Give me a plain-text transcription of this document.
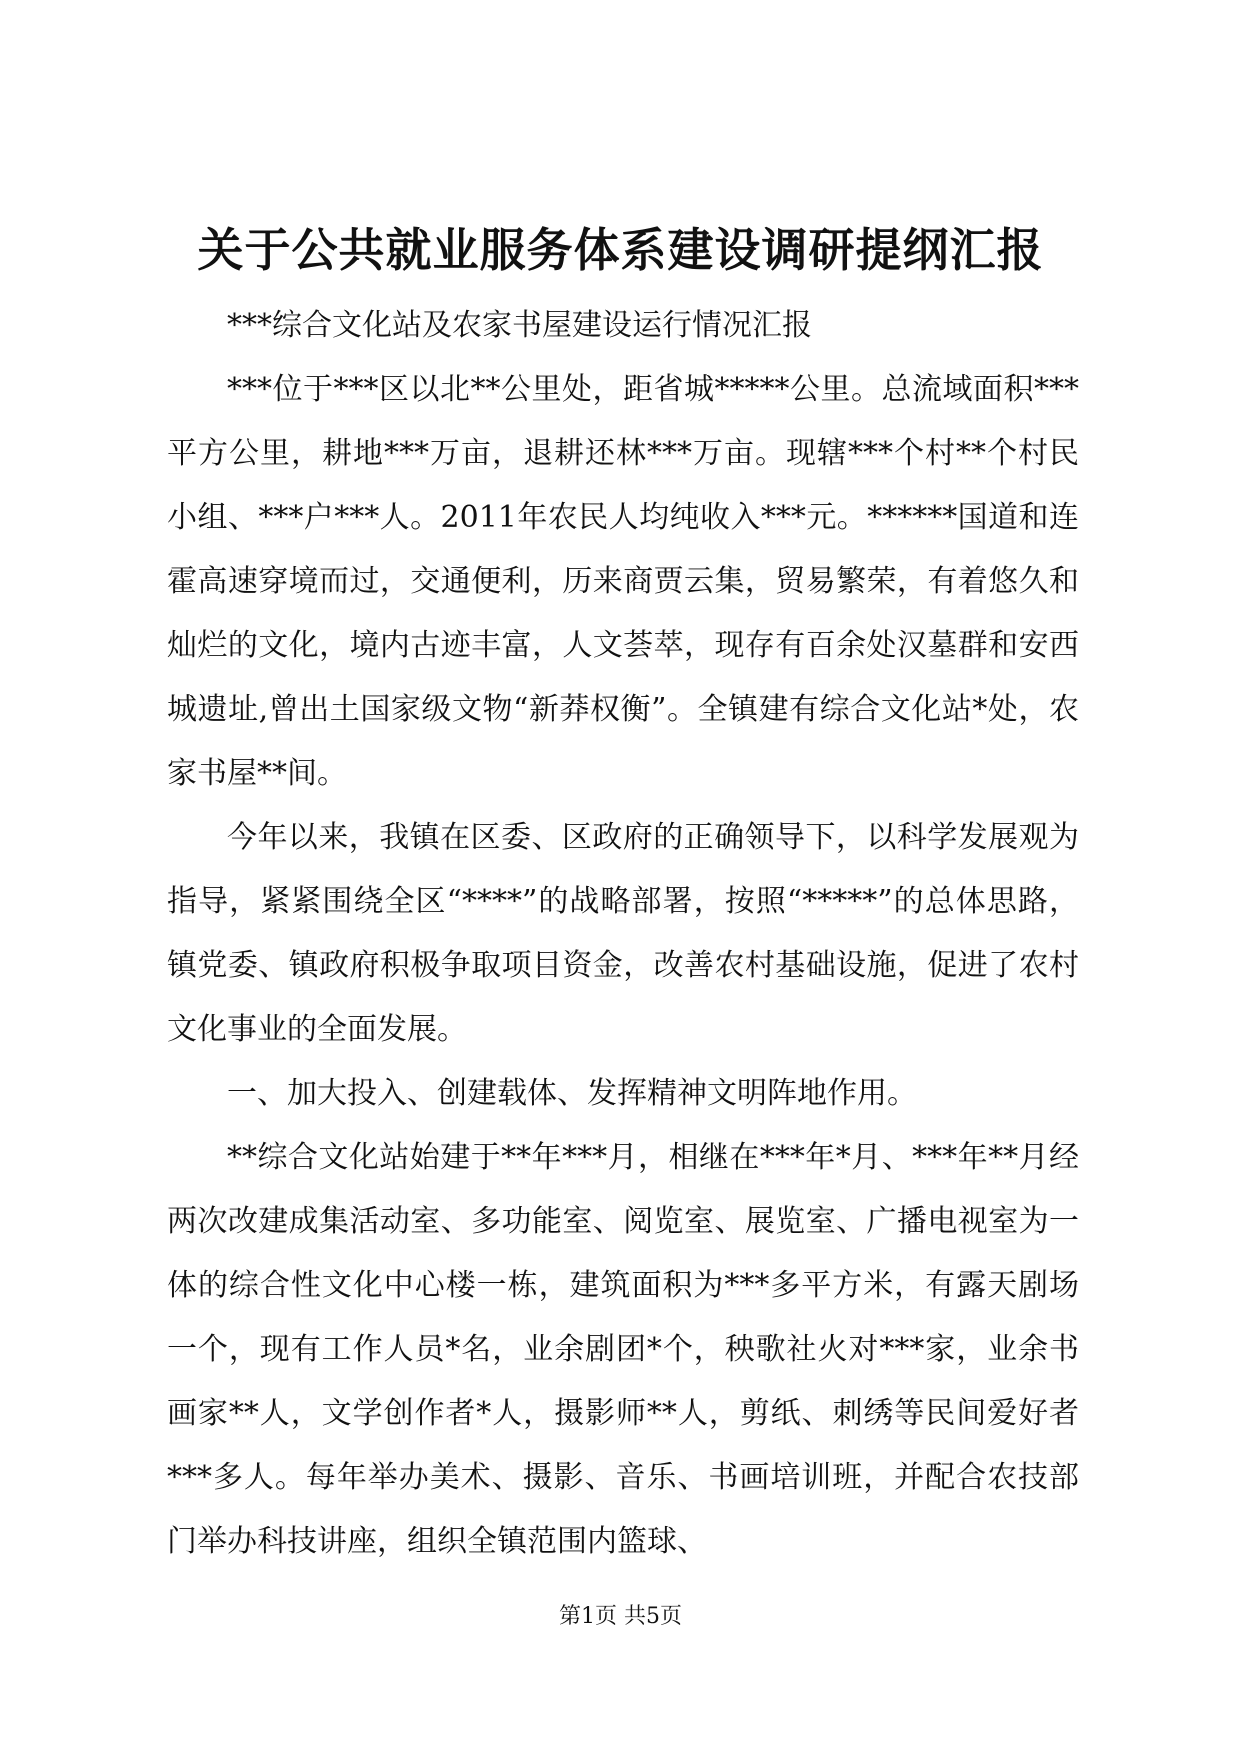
关于公共就业服务体系建设调研提纲汇报

***综合文化站及农家书屋建设运行情况汇报

***位于***区以北**公里处，距省城*****公里。总流域面积***平方公里，耕地***万亩，退耕还林***万亩。现辖***个村**个村民小组、***户***人。2011年农民人均纯收入***元。******国道和连霍高速穿境而过，交通便利，历来商贾云集，贸易繁荣，有着悠久和灿烂的文化，境内古迹丰富，人文荟萃，现存有百余处汉墓群和安西城遗址,曾出土国家级文物“新莽权衡”。全镇建有综合文化站*处，农家书屋**间。

今年以来，我镇在区委、区政府的正确领导下，以科学发展观为指导，紧紧围绕全区“****”的战略部署，按照“*****”的总体思路，镇党委、镇政府积极争取项目资金，改善农村基础设施，促进了农村文化事业的全面发展。

一、加大投入、创建载体、发挥精神文明阵地作用。

**综合文化站始建于**年***月，相继在***年*月、***年**月经两次改建成集活动室、多功能室、阅览室、展览室、广播电视室为一体的综合性文化中心楼一栋，建筑面积为***多平方米，有露天剧场一个，现有工作人员*名，业余剧团*个，秧歌社火对***家，业余书画家**人，文学创作者*人，摄影师**人，剪纸、刺绣等民间爱好者***多人。每年举办美术、摄影、音乐、书画培训班，并配合农技部门举办科技讲座，组织全镇范围内篮球、

第1页 共5页
